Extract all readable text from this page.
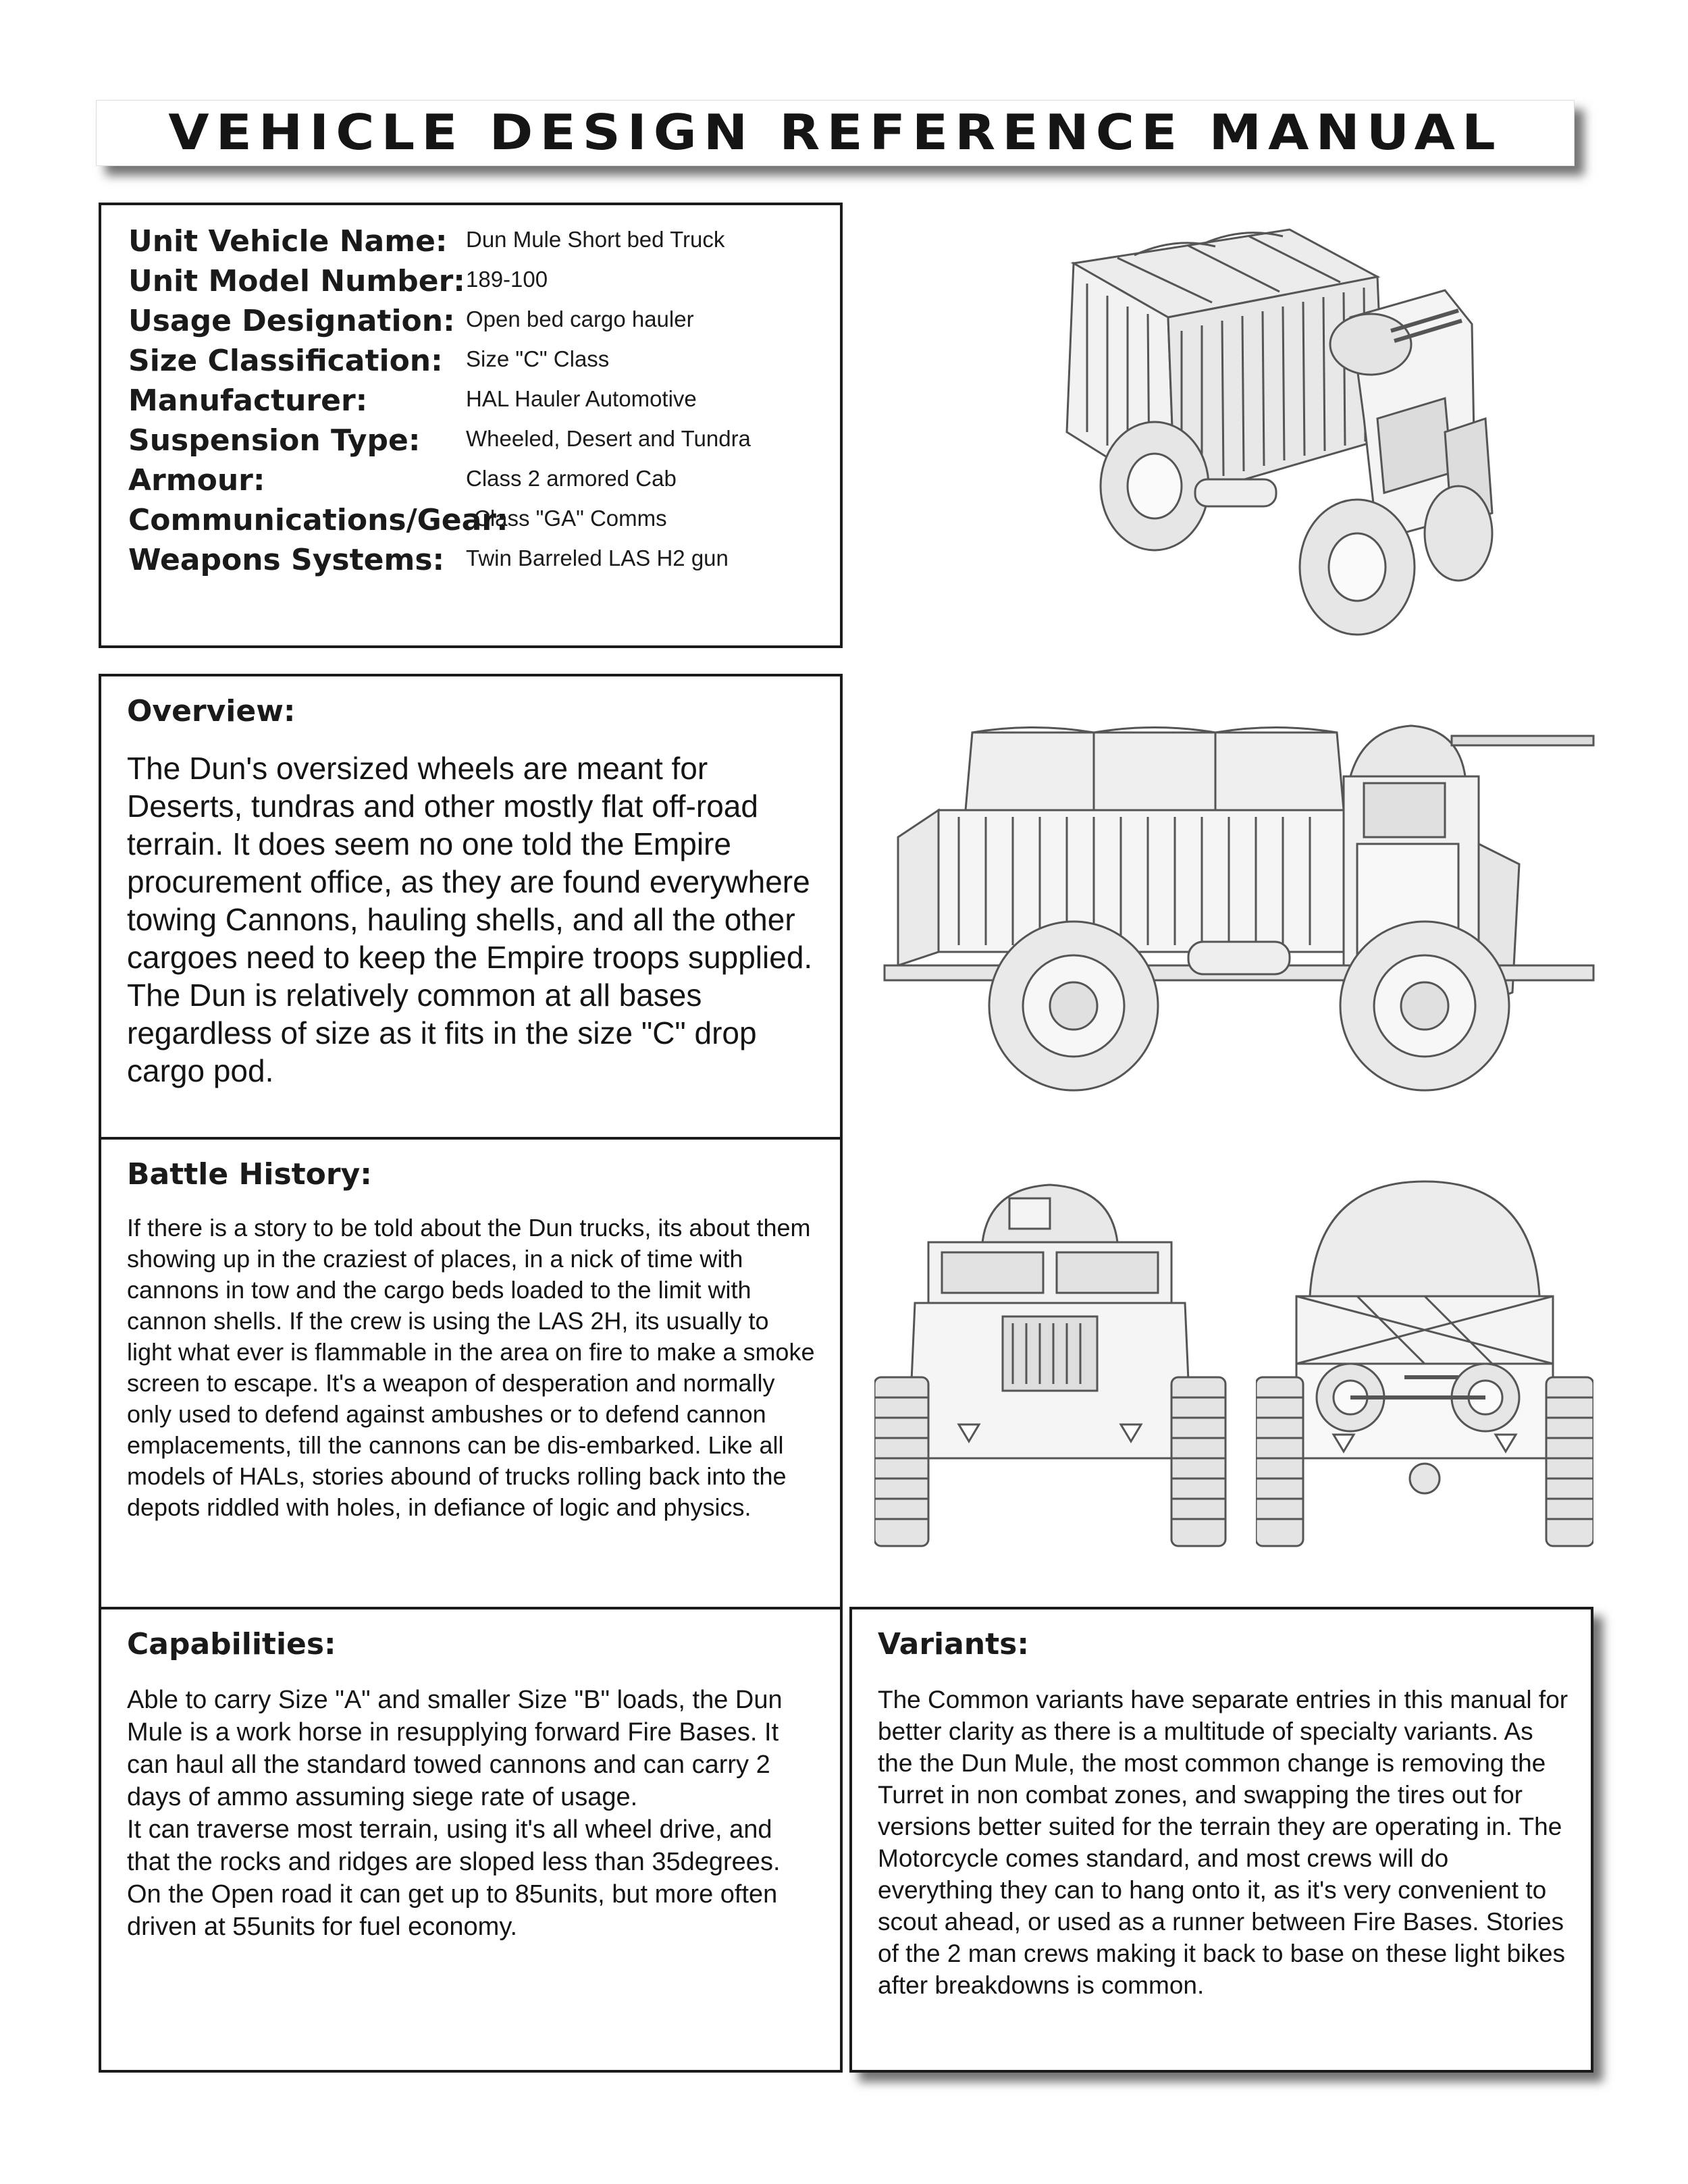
VEHICLE DESIGN REFERENCE MANUAL
Unit Vehicle Name: Dun Mule Short bed Truck
Unit Model Number: 189-100
Usage Designation: Open bed cargo hauler
Size Classification: Size "C" Class
Manufacturer:	HAL Hauler Automotive
Suspension Type: Wheeled, Desert and Tundra
Armour:	Class 2 armored Cab
Communications/Gear:
Class "GA" Comms
Weapons Systems: Twin Barreled LAS H2 gun
Overview:
The Dun's oversized wheels are meant for Deserts, tundras and other mostly flat off-road terrain. It does seem no one told the Empire procurement office, as they are found everywhere towing Cannons, hauling shells, and all the other cargoes need to keep the Empire troops supplied. The Dun is relatively common at all bases regardless of size as it fits in the size "C" drop cargo pod.
Battle History:
If there is a story to be told about the Dun trucks, its about them showing up in the craziest of places, in a nick of time with cannons in tow and the cargo beds loaded to the limit with cannon shells. If the crew is using the LAS 2H, its usually to light what ever is flammable in the area on fire to make a smoke screen to escape. It's a weapon of desperation and normally only used to defend against ambushes or to defend cannon emplacements, till the cannons can be dis-embarked. Like all models of HALs, stories abound of trucks rolling back into the depots riddled with holes, in defiance of logic and physics.
Capabilities:
Able to carry Size "A" and smaller Size "B" loads, the Dun Mule is a work horse in resupplying forward Fire Bases. It can haul all the standard towed cannons and can carry 2 days of ammo assuming siege rate of usage.
It can traverse most terrain, using it's all wheel drive, and that the rocks and ridges are sloped less than 35degrees. On the Open road it can get up to 85units, but more often driven at 55units for fuel economy.
Variants:
The Common variants have separate entries in this manual for better clarity as there is a multitude of specialty variants. As the the Dun Mule, the most common change is removing the Turret in non combat zones, and swapping the tires out for versions better suited for the terrain they are operating in. The Motorcycle comes standard, and most crews will do everything they can to hang onto it, as it's very convenient to scout ahead, or used as a runner between Fire Bases. Stories of the 2 man crews making it back to base on these light bikes after breakdowns is common.
